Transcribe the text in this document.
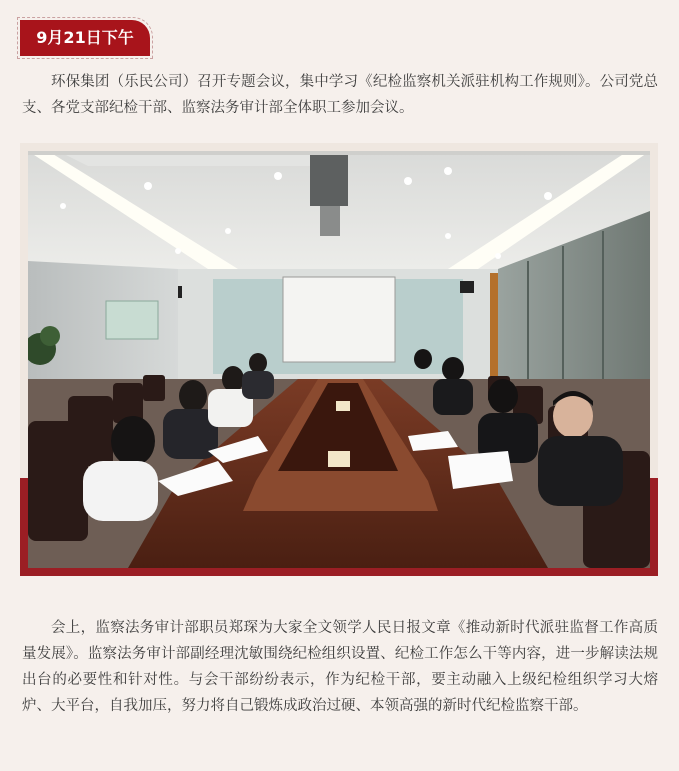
9月21日下午

环保集团（乐民公司）召开专题会议，集中学习《纪检监察机关派驻机构工作规则》。公司党总支、各党支部纪检干部、监察法务审计部全体职工参加会议。

会上，监察法务审计部职员郑琛为大家全文领学人民日报文章《推动新时代派驻监督工作高质量发展》。监察法务审计部副经理沈敏围绕纪检组织设置、纪检工作怎么干等内容，进一步解读法规出台的必要性和针对性。与会干部纷纷表示，作为纪检干部，要主动融入上级纪检组织学习大熔炉、大平台，自我加压，努力将自己锻炼成政治过硬、本领高强的新时代纪检监察干部。
